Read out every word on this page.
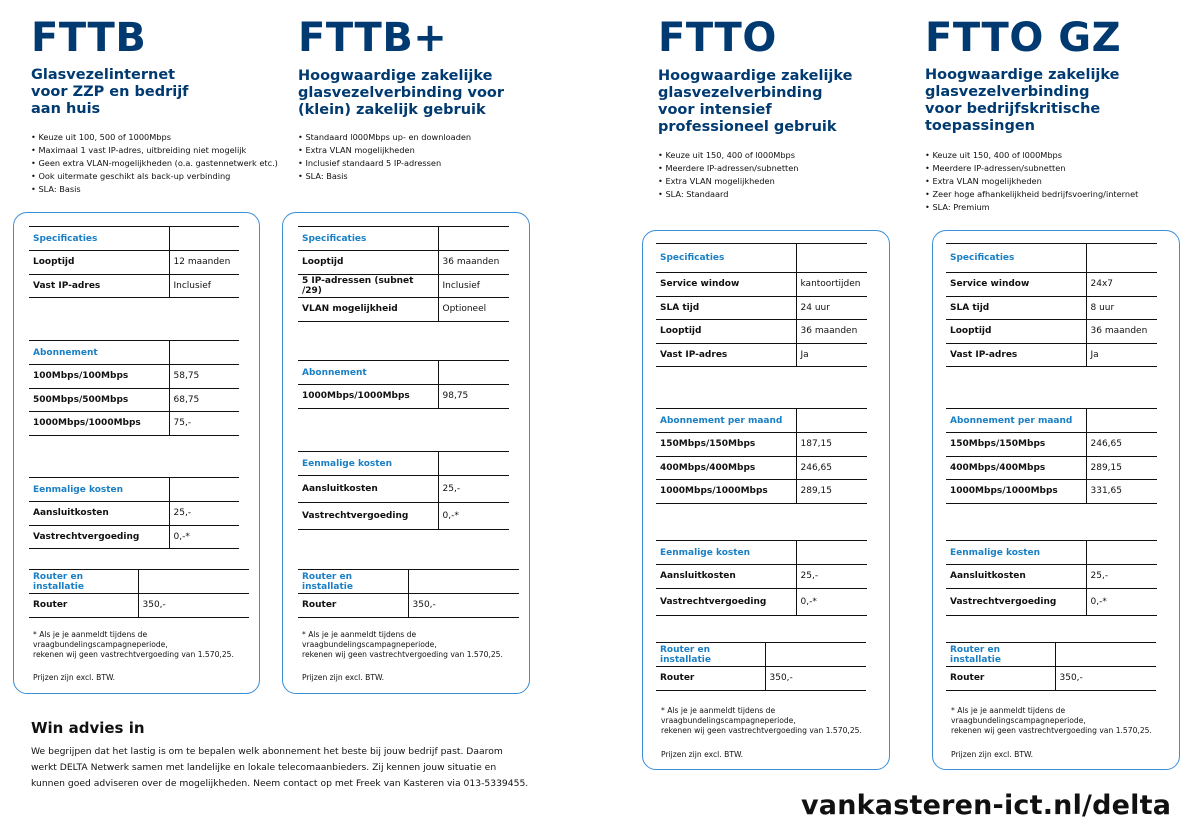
FTTB
Glasvezelinternet
voor ZZP en bedrijf
aan huis
• Keuze uit 100, 500 of 1000Mbps
• Maximaal 1 vast IP-adres, uitbreiding niet mogelijk
• Geen extra VLAN-mogelijkheden (o.a. gastennetwerk etc.)
• Ook uitermate geschikt als back-up verbinding
• SLA: Basis
Specificaties	
Looptijd	12 maanden
Vast IP-adres	Inclusief
Abonnement	
100Mbps/100Mbps	58,75
500Mbps/500Mbps	68,75
1000Mbps/1000Mbps	75,-
Eenmalige kosten	
Aansluitkosten	25,-
Vastrechtvergoeding	0,-*
Router en installatie	
Router	350,-
* Als je je aanmeldt tijdens de
vraagbundelingscampagneperiode,
rekenen wij geen vastrechtvergoeding van 1.570,25.
Prijzen zijn excl. BTW.
FTTB+
Hoogwaardige zakelijke
glasvezelverbinding voor
(klein) zakelijk gebruik
• Standaard l000Mbps up- en downloaden
• Extra VLAN mogelijkheden
• Inclusief standaard 5 IP-adressen
• SLA: Basis
Specificaties	
Looptijd	36 maanden
5 IP-adressen (subnet /29)	Inclusief
VLAN mogelijkheid	Optioneel
Abonnement	
1000Mbps/1000Mbps	98,75
Eenmalige kosten	
Aansluitkosten	25,-
Vastrechtvergoeding	0,-*
Router en installatie	
Router	350,-
* Als je je aanmeldt tijdens de
vraagbundelingscampagneperiode,
rekenen wij geen vastrechtvergoeding van 1.570,25.
Prijzen zijn excl. BTW.
FTTO
Hoogwaardige zakelijke
glasvezelverbinding
voor intensief
professioneel gebruik
• Keuze uit 150, 400 of l000Mbps
• Meerdere IP-adressen/subnetten
• Extra VLAN mogelijkheden
• SLA: Standaard
Specificaties	
Service window	kantoortijden
SLA tijd	24 uur
Looptijd	36 maanden
Vast IP-adres	Ja
Abonnement per maand	
150Mbps/150Mbps	187,15
400Mbps/400Mbps	246,65
1000Mbps/1000Mbps	289,15
Eenmalige kosten	
Aansluitkosten	25,-
Vastrechtvergoeding	0,-*
Router en installatie	
Router	350,-
* Als je je aanmeldt tijdens de
vraagbundelingscampagneperiode,
rekenen wij geen vastrechtvergoeding van 1.570,25.
Prijzen zijn excl. BTW.
FTTO GZ
Hoogwaardige zakelijke
glasvezelverbinding
voor bedrijfskritische
toepassingen
• Keuze uit 150, 400 of l000Mbps
• Meerdere IP-adressen/subnetten
• Extra VLAN mogelijkheden
• Zeer hoge afhankelijkheid bedrijfsvoering/internet
• SLA: Premium
Specificaties	
Service window	24x7
SLA tijd	8 uur
Looptijd	36 maanden
Vast IP-adres	Ja
Abonnement per maand	
150Mbps/150Mbps	246,65
400Mbps/400Mbps	289,15
1000Mbps/1000Mbps	331,65
Eenmalige kosten	
Aansluitkosten	25,-
Vastrechtvergoeding	0,-*
Router en installatie	
Router	350,-
* Als je je aanmeldt tijdens de
vraagbundelingscampagneperiode,
rekenen wij geen vastrechtvergoeding van 1.570,25.
Prijzen zijn excl. BTW.
Win advies in
We begrijpen dat het lastig is om te bepalen welk abonnement het beste bij jouw bedrijf past. Daarom werkt DELTA Netwerk samen met landelijke en lokale telecomaanbieders. Zij kennen jouw situatie en kunnen goed adviseren over de mogelijkheden. Neem contact op met Freek van Kasteren via 013-5339455.
vankasteren-ict.nl/delta
